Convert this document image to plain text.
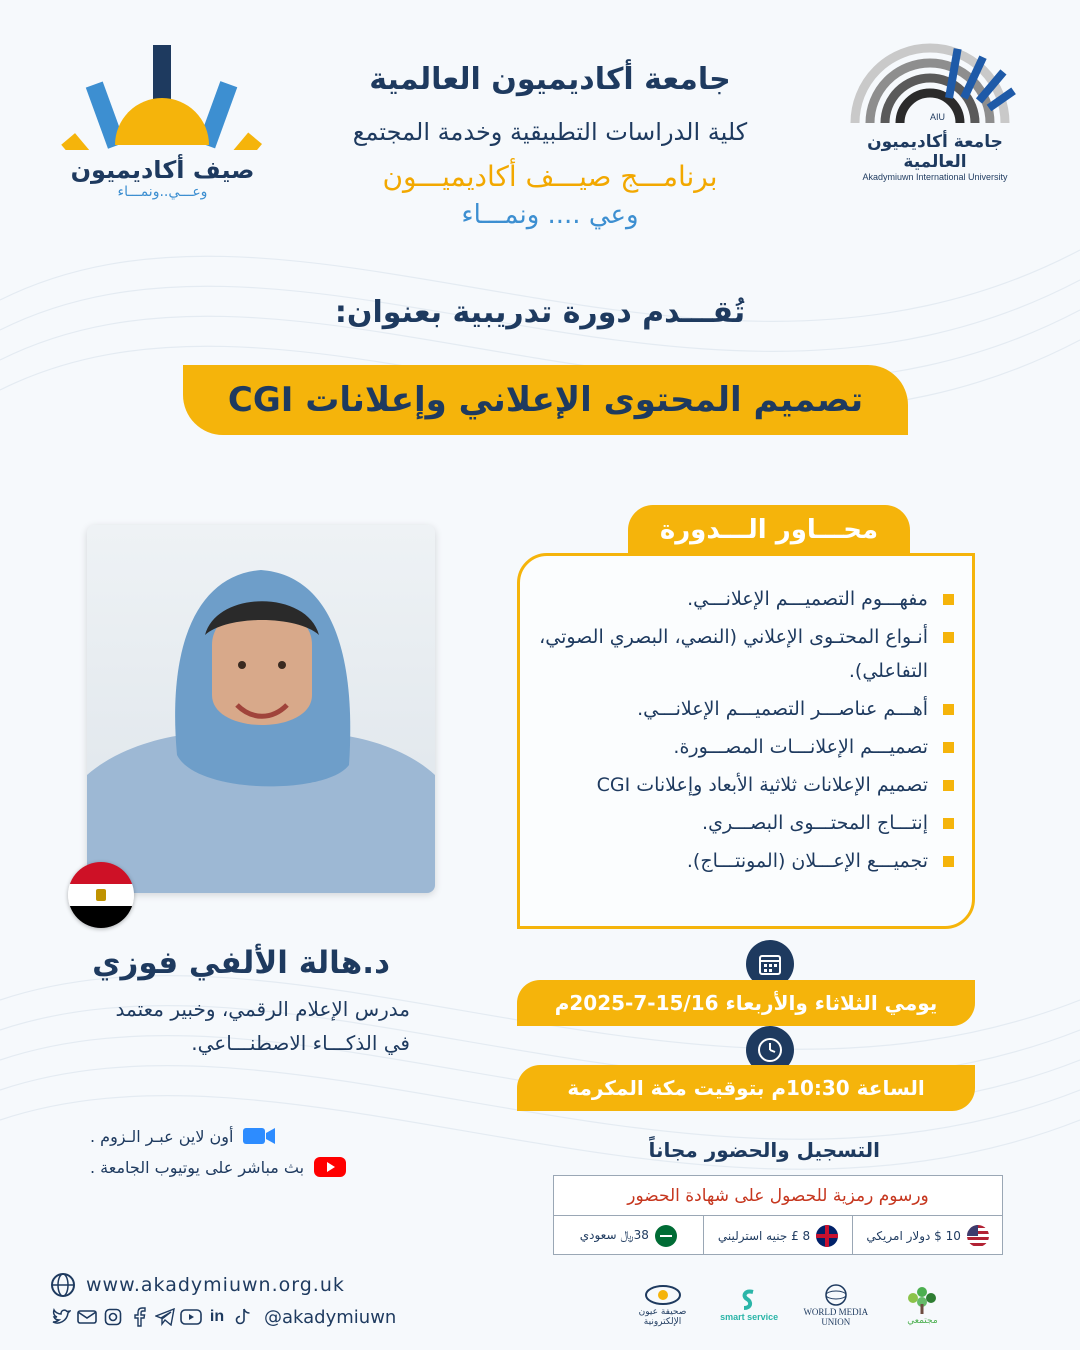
صيف أكاديميون
وعـــي..ونمـــاء
AIU
جامعة أكاديميون العالمية
Akadymiuwn International University
جامعة أكاديميون العالمية
كلية الدراسات التطبيقية وخدمة المجتمع
برنامـــج صيـــف أكاديميـــون
وعي .... ونمـــاء
تُقـــدم دورة تدريبية بعنوان:
تصميم المحتوى الإعلاني وإعلانات CGI
د.هالة الألفي فوزي
مدرس الإعلام الرقمي، وخبير معتمد
في الذكـــاء الاصطنـــاعي.
محـــاور الـــدورة
مفهـــوم التصميـــم الإعلانـــي.
أنـواع المحتـوى الإعلاني (النصي، البصري الصوتي، التفاعلي).
أهـــم عناصـــر التصميـــم الإعلانـــي.
تصميـــم الإعلانـــات المصـــورة.
تصميم الإعلانات ثلاثية الأبعاد وإعلانات CGI
إنتـــاج المحتـــوى البصـــري.
تجميـــع الإعـــلان (المونتـــاج).
يومي الثلاثاء والأربعاء 15/16-7-2025م
الساعة 10:30م بتوقيت مكة المكرمة
التسجيل والحضور مجاناً
ورسوم رمزية للحصول على شهادة الحضور
10 $ دولار امريكي
8 £ جنيه استرليني
38﷼ سعودي
أون لاين عبـر الـزوم .
بث مباشر على يوتيوب الجامعة .
www.akadymiuwn.org.uk
in @akadymiuwn	صحيفة عيون الإلكترونية	smart service	WORLD MEDIA UNION	مجتمعي
